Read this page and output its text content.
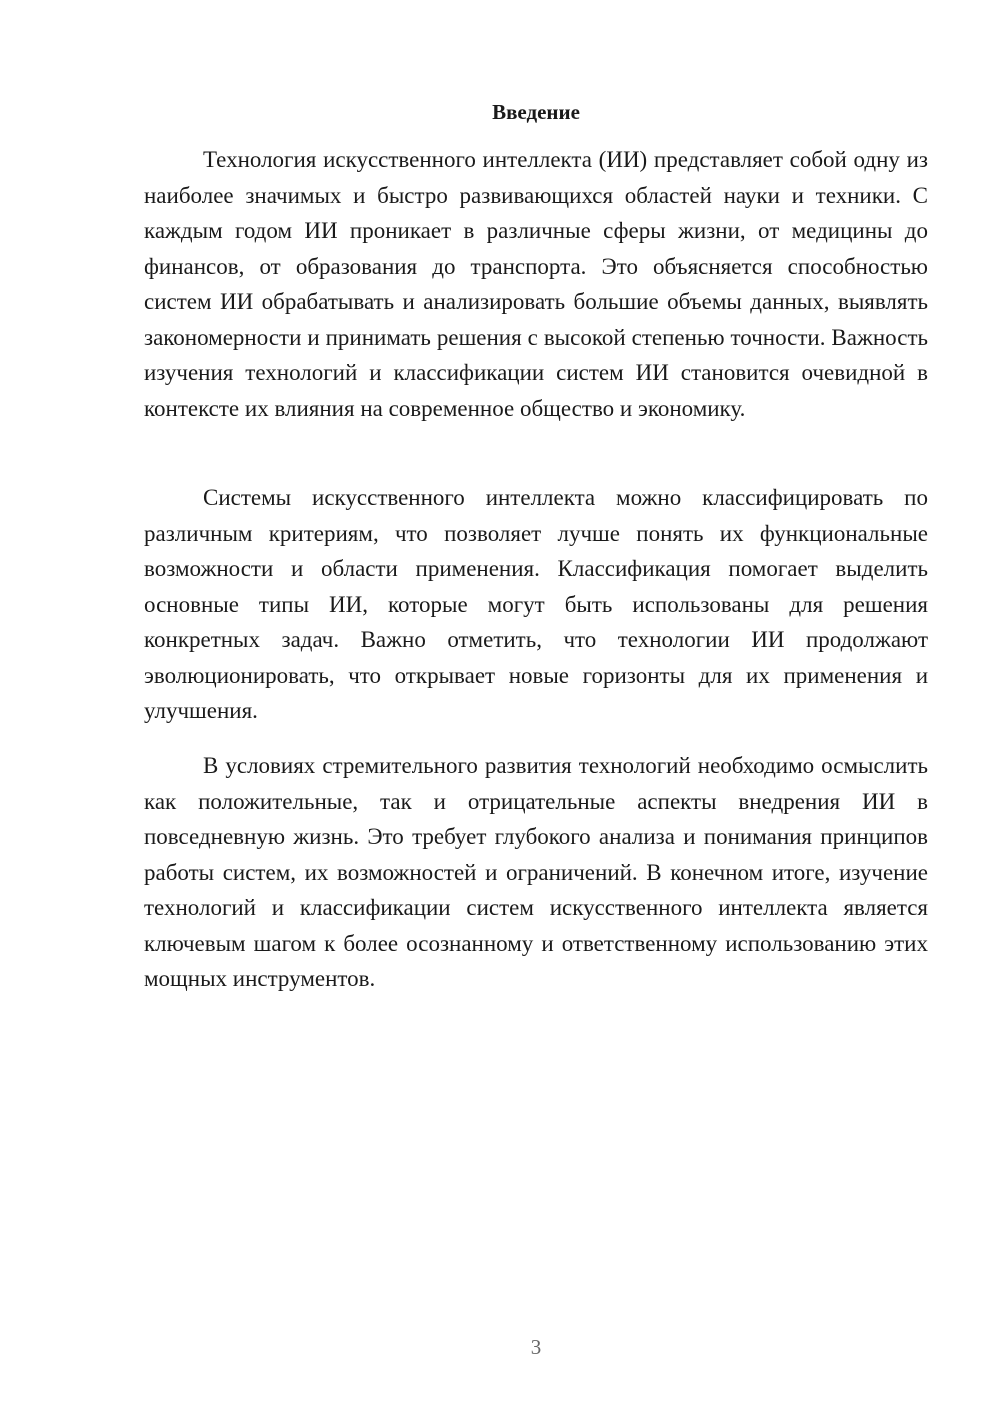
Введение

Технология искусственного интеллекта (ИИ) представляет собой одну из наиболее значимых и быстро развивающихся областей науки и техники. С каждым годом ИИ проникает в различные сферы жизни, от медицины до финансов, от образования до транспорта. Это объясняется способностью систем ИИ обрабатывать и анализировать большие объемы данных, выявлять закономерности и принимать решения с высокой степенью точности. Важность изучения технологий и классификации систем ИИ становится очевидной в контексте их влияния на современное общество и экономику.

Системы искусственного интеллекта можно классифицировать по различным критериям, что позволяет лучше понять их функциональные возможности и области применения. Классификация помогает выделить основные типы ИИ, которые могут быть использованы для решения конкретных задач. Важно отметить, что технологии ИИ продолжают эволюционировать, что открывает новые горизонты для их применения и улучшения.

В условиях стремительного развития технологий необходимо осмыслить как положительные, так и отрицательные аспекты внедрения ИИ в повседневную жизнь. Это требует глубокого анализа и понимания принципов работы систем, их возможностей и ограничений. В конечном итоге, изучение технологий и классификации систем искусственного интеллекта является ключевым шагом к более осознанному и ответственному использованию этих мощных инструментов.

3
